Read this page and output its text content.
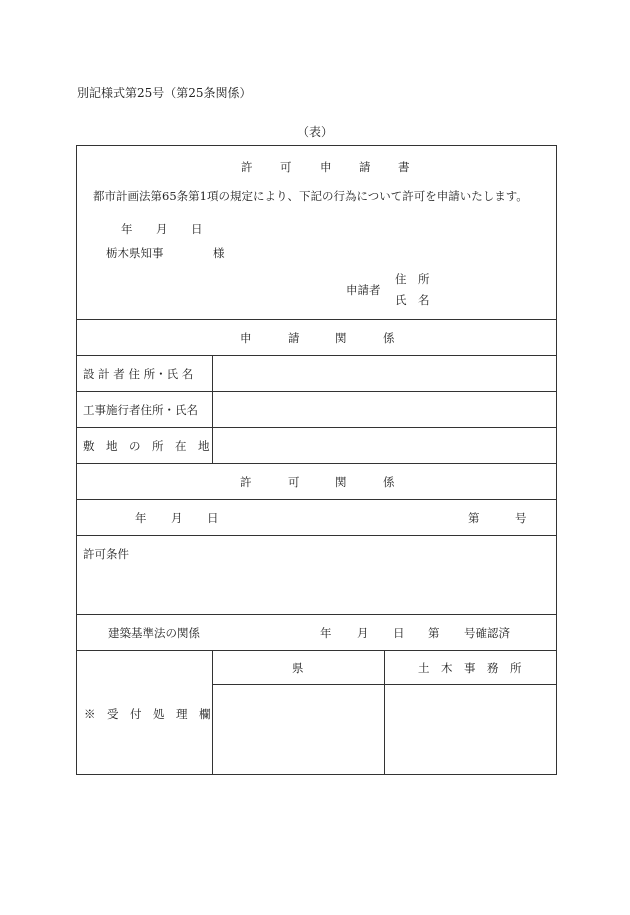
別記様式第25号（第25条関係）
（表）
許 可 申 請 書
都市計画法第65条第1項の規定により、下記の行為について許可を申請いたします。
年 月 日
栃木県知事	様
申請者
住 所
氏 名
申	請	関	係
設 計 者 住 所・氏 名
工事施行者住所・氏名
敷　地　の　所　在　地
許	可	関	係
年 月 日	第	号
許可条件
建築基準法の関係	年 月 日 第 号確認済
※　受　付　処　理　欄
県	土　木　事　務　所
